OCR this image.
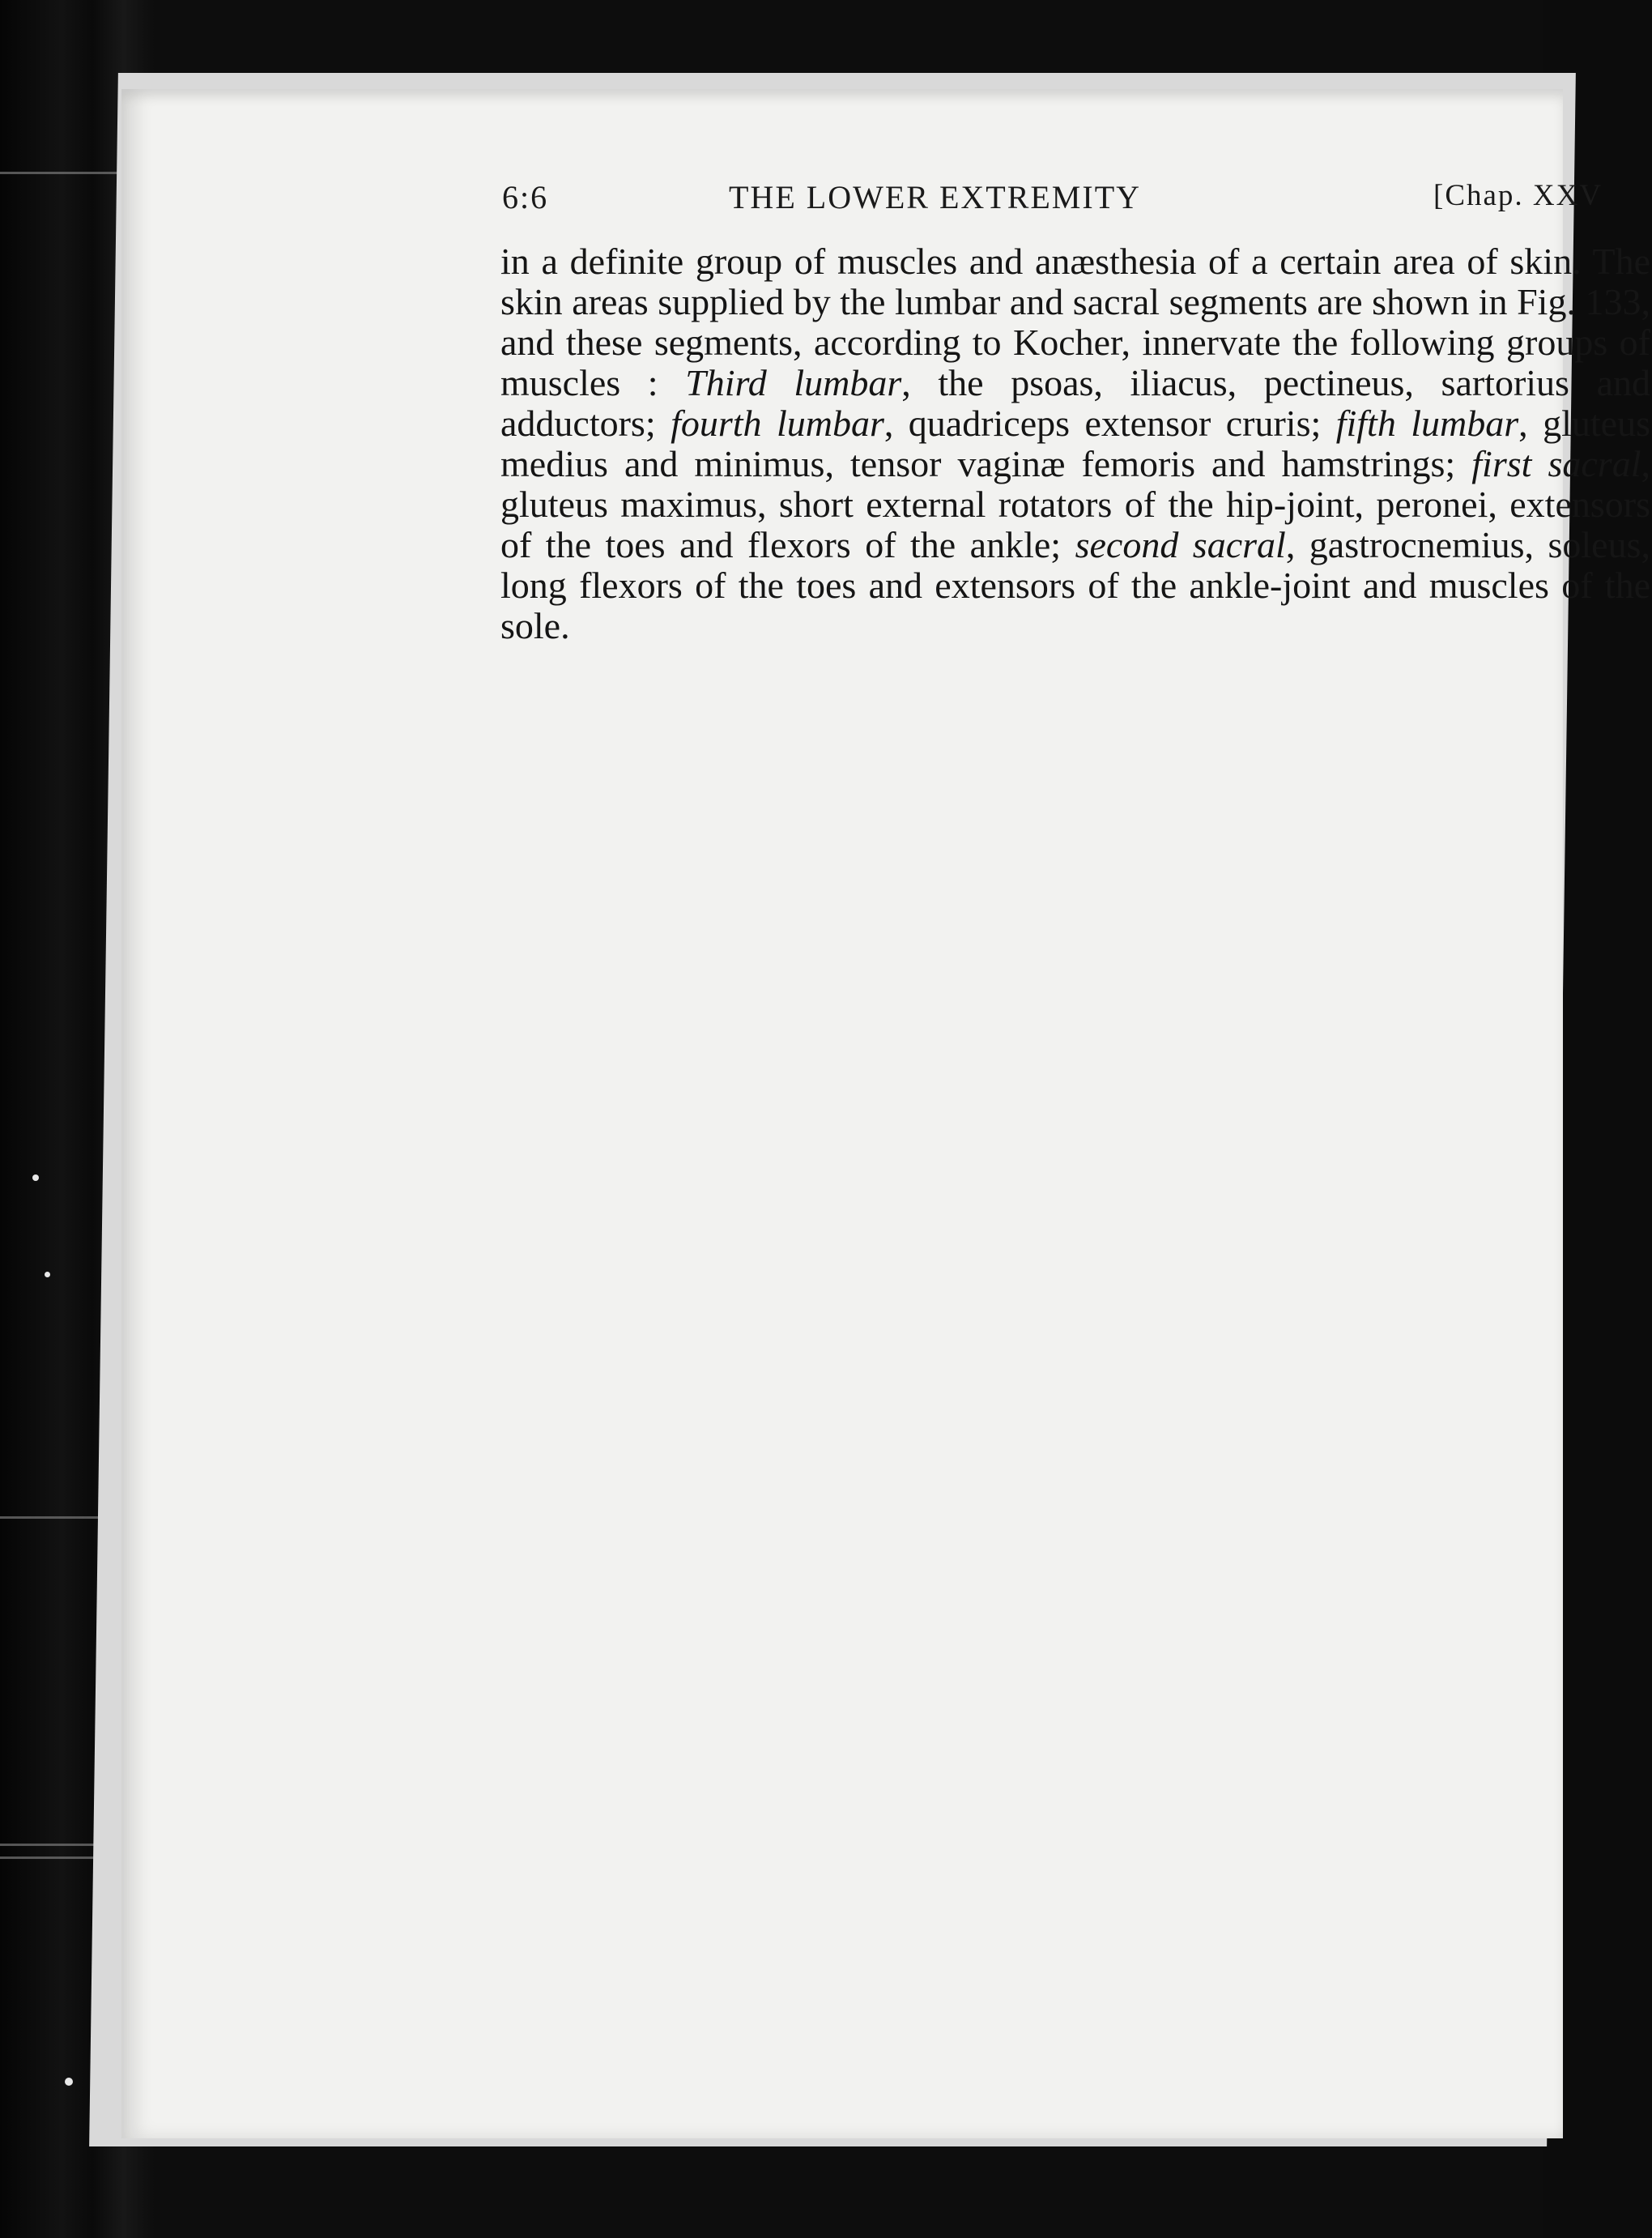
6:6	THE LOWER EXTREMITY	[Chap. XXV

in a definite group of muscles and anæsthesia of a certain area of skin. The skin areas supplied by the lumbar and sacral segments are shown in Fig. 133, and these segments, according to Kocher, innervate the following groups of muscles : Third lumbar, the psoas, iliacus, pectineus, sartorius and adductors; fourth lumbar, quadriceps extensor cruris; fifth lumbar, gluteus medius and minimus, tensor vaginæ femoris and hamstrings; first sacral, gluteus maximus, short external rotators of the hip-joint, peronei, extensors of the toes and flexors of the ankle; second sacral, gastrocnemius, soleus, long flexors of the toes and extensors of the ankle-joint and muscles of the sole.
